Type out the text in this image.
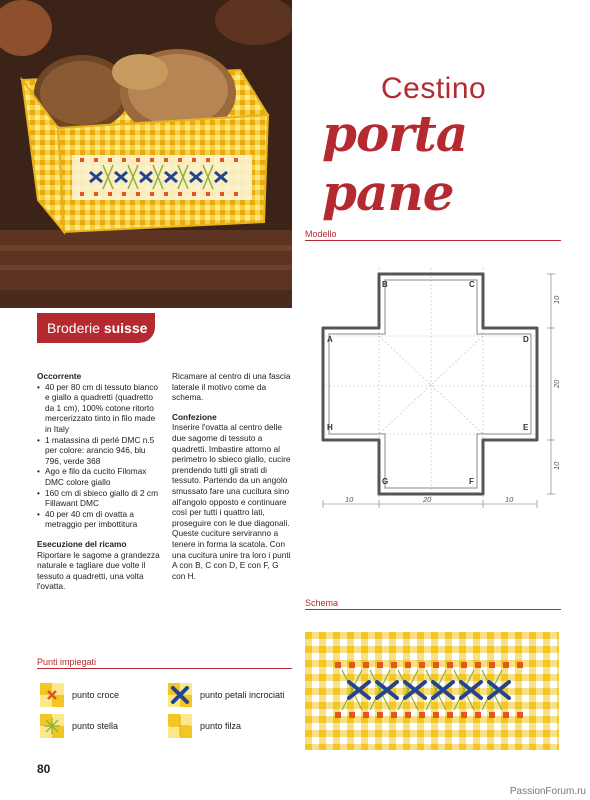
Broderie suisse
Cestino
porta pane
Modello
B	C
A	D
H	E
G	F
10	20	10
10
20
10
Occorrente
• 40 per 80 cm di tessuto bianco e giallo a quadretti (quadretto da 1 cm), 100% cotone ritorto mercerizzato tinto in filo made in Italy
• 1 matassina di perlé DMC n.5 per colore: arancio 946, blu 796, verde 368
• Ago e filo da cucito Filomax DMC colore giallo
• 160 cm di sbieco giallo di 2 cm Fillawant DMC
• 40 per 40 cm di ovatta a metraggio per imbottitura
Esecuzione del ricamo

Riportare le sagome a grandezza naturale e tagliare due volte il tessuto a quadretti, una volta l'ovatta.

Ricamare al centro di una fascia laterale il motivo come da schema.

Confezione

Inserire l'ovatta al centro delle due sagome di tessuto a quadretti. Imbastire attorno al perimetro lo sbieco giallo, cucire prendendo tutti gli strati di tessuto. Partendo da un angolo smussato fare una cucitura sino all'angolo opposto e continuare così per tutti i quattro lati, proseguire con le due diagonali. Queste cuciture serviranno a tenere in forma la scatola. Con una cucitura unire tra loro i punti A con B, C con D, E con F, G con H.

Schema
Punti impiegati
punto croce	punto petali incrociati
punto stella	punto filza
80
PassionForum.ru
